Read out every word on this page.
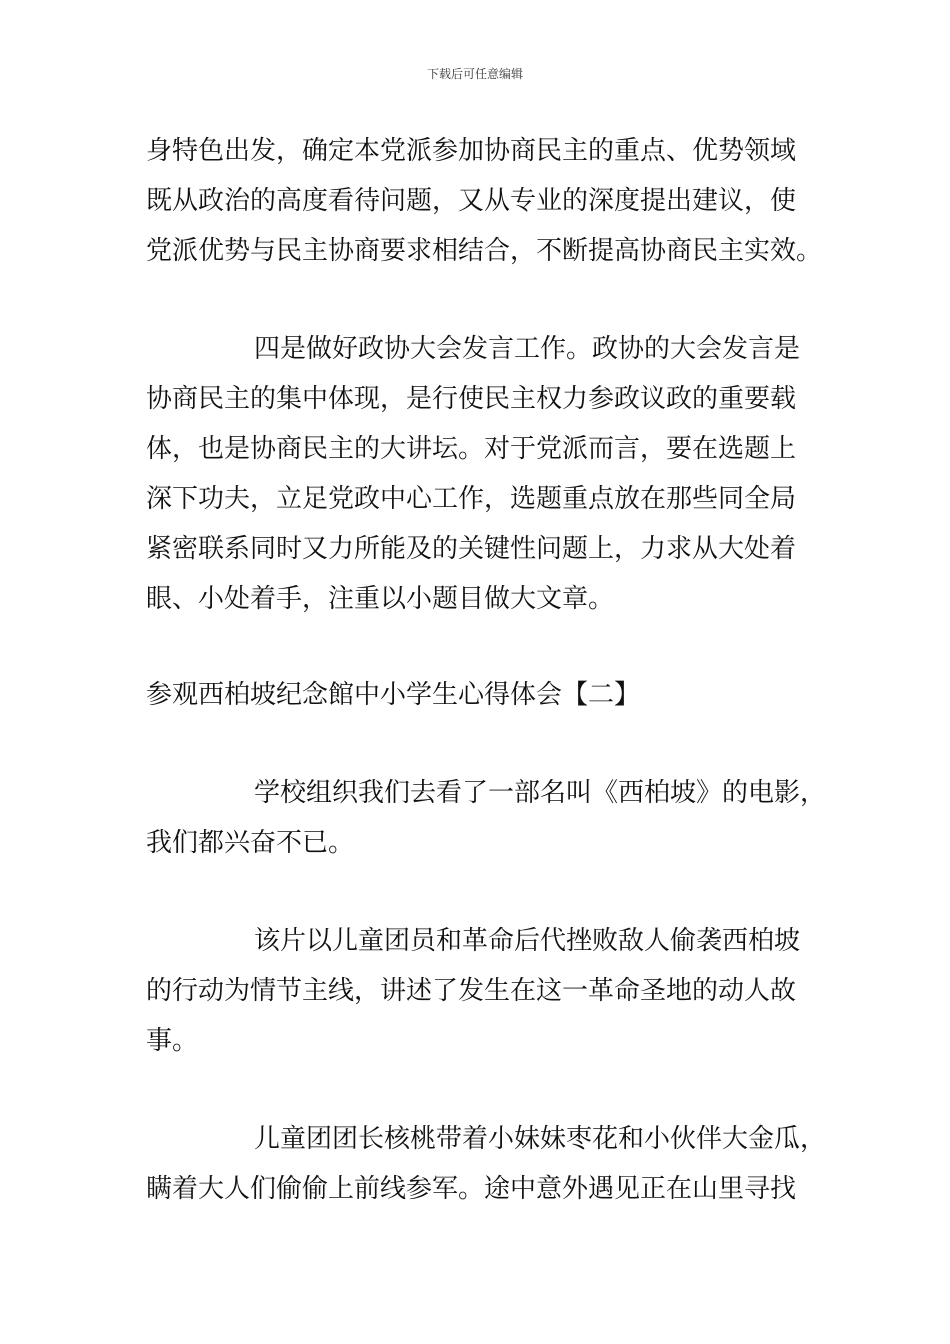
下载后可任意编辑
身特色出发，确定本党派参加协商民主的重点、优势领域
既从政治的高度看待问题，又从专业的深度提出建议，使
党派优势与民主协商要求相结合，不断提高协商民主实效。
四是做好政协大会发言工作。政协的大会发言是
协商民主的集中体现，是行使民主权力参政议政的重要载
体，也是协商民主的大讲坛。对于党派而言，要在选题上
深下功夫，立足党政中心工作，选题重点放在那些同全局
紧密联系同时又力所能及的关键性问题上，力求从大处着
眼、小处着手，注重以小题目做大文章。
参观西柏坡纪念館中小学生心得体会【二】
学校组织我们去看了一部名叫《西柏坡》的电影，
我们都兴奋不已。
该片以儿童团员和革命后代挫败敌人偷袭西柏坡
的行动为情节主线，讲述了发生在这一革命圣地的动人故
事。
儿童团团长核桃带着小妹妹枣花和小伙伴大金瓜，
瞒着大人们偷偷上前线参军。途中意外遇见正在山里寻找
